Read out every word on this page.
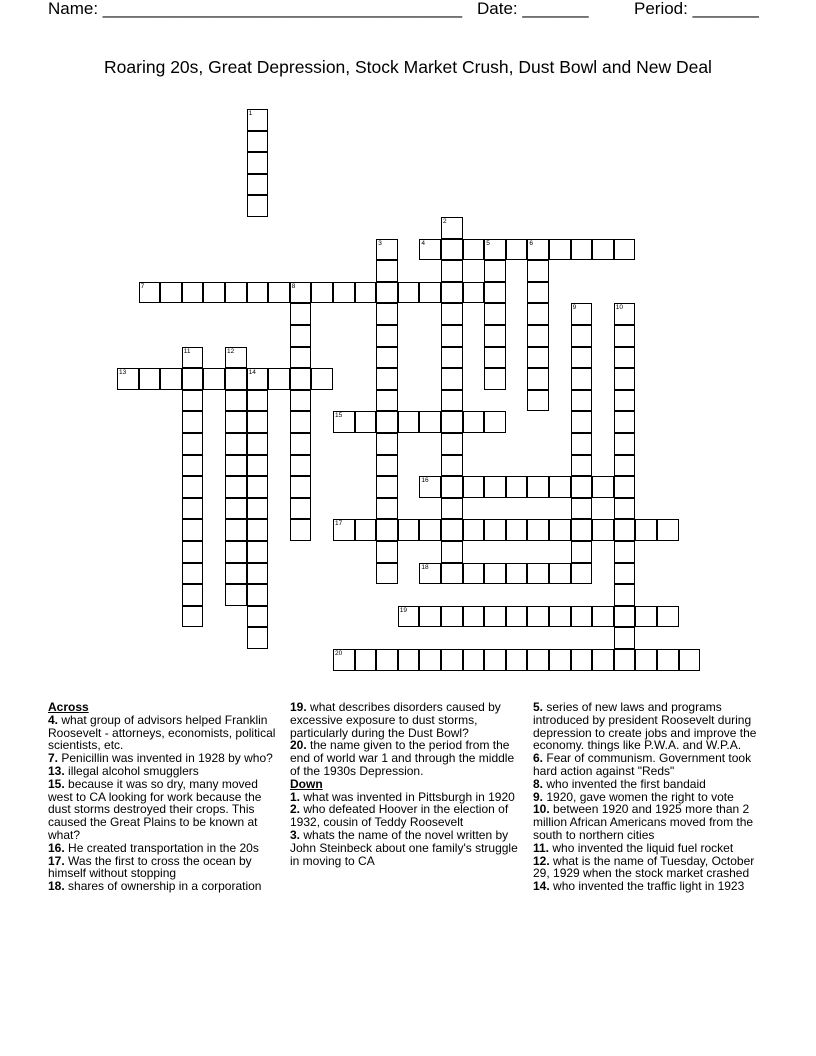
Name: ______________________________________ Date: _______	Period: _______
Roaring 20s, Great Depression, Stock Market Crush, Dust Bowl and New Deal
1
2
3	4	5	6
7	8
9	10
11	12
13	14
15
16
17
18
19
20

Across

4. what group of advisors helped Franklin Roosevelt - attorneys, economists, political scientists, etc.

7. Penicillin was invented in 1928 by who?

13. illegal alcohol smugglers

15. because it was so dry, many moved west to CA looking for work because the dust storms destroyed their crops. This caused the Great Plains to be known at what?

16. He created transportation in the 20s

17. Was the first to cross the ocean by himself without stopping

18. shares of ownership in a corporation

19. what describes disorders caused by excessive exposure to dust storms, particularly during the Dust Bowl?

20. the name given to the period from the end of world war 1 and through the middle of the 1930s Depression.

Down

1. what was invented in Pittsburgh in 1920

2. who defeated Hoover in the election of 1932, cousin of Teddy Roosevelt

3. whats the name of the novel written by John Steinbeck about one family's struggle in moving to CA

5. series of new laws and programs introduced by president Roosevelt during depression to create jobs and improve the economy. things like P.W.A. and W.P.A.

6. Fear of communism. Government took hard action against "Reds"

8. who invented the first bandaid

9. 1920, gave women the right to vote

10. between 1920 and 1925 more than 2 million African Americans moved from the south to northern cities

11. who invented the liquid fuel rocket

12. what is the name of Tuesday, October 29, 1929 when the stock market crashed

14. who invented the traffic light in 1923
